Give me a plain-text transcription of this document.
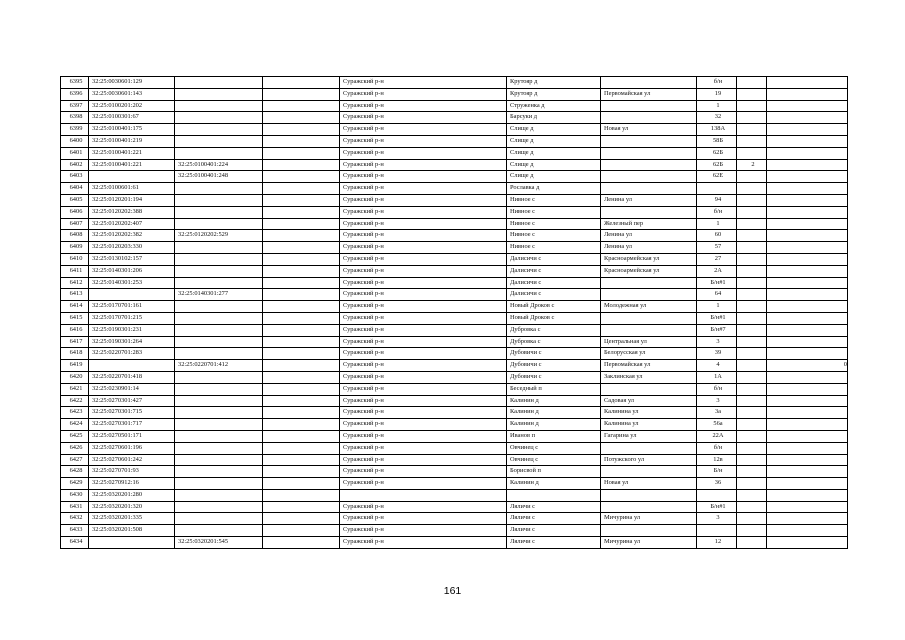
6395	32:25:0030601:129			Суражский р-н	Крутояр д		б/н		
6396	32:25:0030601:143			Суражский р-н	Крутояр д	Первомайская ул	19		
6397	32:25:0100201:202			Суражский р-н	Струженка д		1		
6398	32:25:0100301:67			Суражский р-н	Барсуки д		32		
6399	32:25:0100401:175			Суражский р-н	Слище д	Новая ул	138А		
6400	32:25:0100401:219			Суражский р-н	Слище д		58Б		
6401	32:25:0100401:221			Суражский р-н	Слище д		62Б		
6402	32:25:0100401:221	32:25:0100401:224		Суражский р-н	Слище д		62Б	2	
6403		32:25:0100401:248		Суражский р-н	Слище д		62Е		
6404	32:25:0100601:61			Суражский р-н	Рославка д				
6405	32:25:0120201:194			Суражский р-н	Нивное с	Ленина ул	94		
6406	32:25:0120202:388			Суражский р-н	Нивное с		б/н		
6407	32:25:0120202:407			Суражский р-н	Нивное с	Железный пер	1		
6408	32:25:0120202:382	32:25:0120202:529		Суражский р-н	Нивное с	Ленина ул	60		
6409	32:25:0120203:330			Суражский р-н	Нивное с	Ленина ул	57		
6410	32:25:0130102:157			Суражский р-н	Далисичи с	Красноармейская ул	27		
6411	32:25:0140301:206			Суражский р-н	Далисичи с	Красноармейская ул	2А		
6412	32:25:0140301:253			Суражский р-н	Далисичи с		Б/н#1		
6413		32:25:0140301:277		Суражский р-н	Далисичи с		64		
6414	32:25:0170701:161			Суражский р-н	Новый Дроков с	Молодежная ул	1		
6415	32:25:0170701:215			Суражский р-н	Новый Дроков с		Б/н#1		
6416	32:25:0190301:231			Суражский р-н	Дубровка с		Б/н#7		
6417	32:25:0190301:264			Суражский р-н	Дубровка с	Центральная ул	3		
6418	32:25:0220701:283			Суражский р-н	Дубовичи с	Белорусская ул	39		
6419		32:25:0220701:412		Суражский р-н	Дубовичи с	Первомайская ул	4		0
6420	32:25:0220701:418			Суражский р-н	Дубовичи с	Заклинская ул	1А		
6421	32:25:0230901:14			Суражский р-н	Беседный п		б/н		
6422	32:25:0270301:427			Суражский р-н	Калинин д	Садовая ул	3		
6423	32:25:0270301:715			Суражский р-н	Калинин д	Калинина ул	3а		
6424	32:25:0270301:717			Суражский р-н	Калинин д	Калинина ул	56а		
6425	32:25:0270501:171			Суражский р-н	Иванов п	Гагарина ул	22А		
6426	32:25:0270601:196			Суражский р-н	Овчинец с		б/н		
6427	32:25:0270601:242			Суражский р-н	Овчинец с	Потужского ул	12в		
6428	32:25:0270701:93			Суражский р-н	Борисвой п		Б/н		
6429	32:25:0270912:16			Суражский р-н	Калинин д	Новая ул	36		
6430	32:25:0320201:280								
6431	32:25:0320201:320			Суражский р-н	Ляличи с		Б/н#1		
6432	32:25:0320201:335			Суражский р-н	Ляличи с	Мичурина ул	3		
6433	32:25:0320201:508			Суражский р-н	Ляличи с				
6434		32:25:0320201:545		Суражский р-н	Ляличи с	Мичурина ул	12		
161
